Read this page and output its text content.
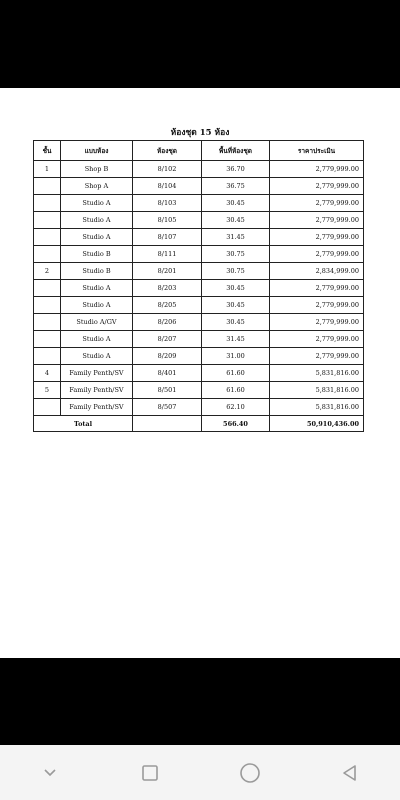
ห้องชุด 15 ห้อง
ชั้น	แบบห้อง	ห้องชุด	พื้นที่ห้องชุด	ราคาประเมิน
1	Shop B	8/102	36.70	2,779,999.00
	Shop A	8/104	36.75	2,779,999.00
	Studio A	8/103	30.45	2,779,999.00
	Studio A	8/105	30.45	2,779,999.00
	Studio A	8/107	31.45	2,779,999.00
	Studio B	8/111	30.75	2,779,999.00
2	Studio B	8/201	30.75	2,834,999.00
	Studio A	8/203	30.45	2,779,999.00
	Studio A	8/205	30.45	2,779,999.00
	Studio A/GV	8/206	30.45	2,779,999.00
	Studio A	8/207	31.45	2,779,999.00
	Studio A	8/209	31.00	2,779,999.00
4	Family Penth/SV	8/401	61.60	5,831,816.00
5	Family Penth/SV	8/501	61.60	5,831,816.00
	Family Penth/SV	8/507	62.10	5,831,816.00
Total			566.40	50,910,436.00
